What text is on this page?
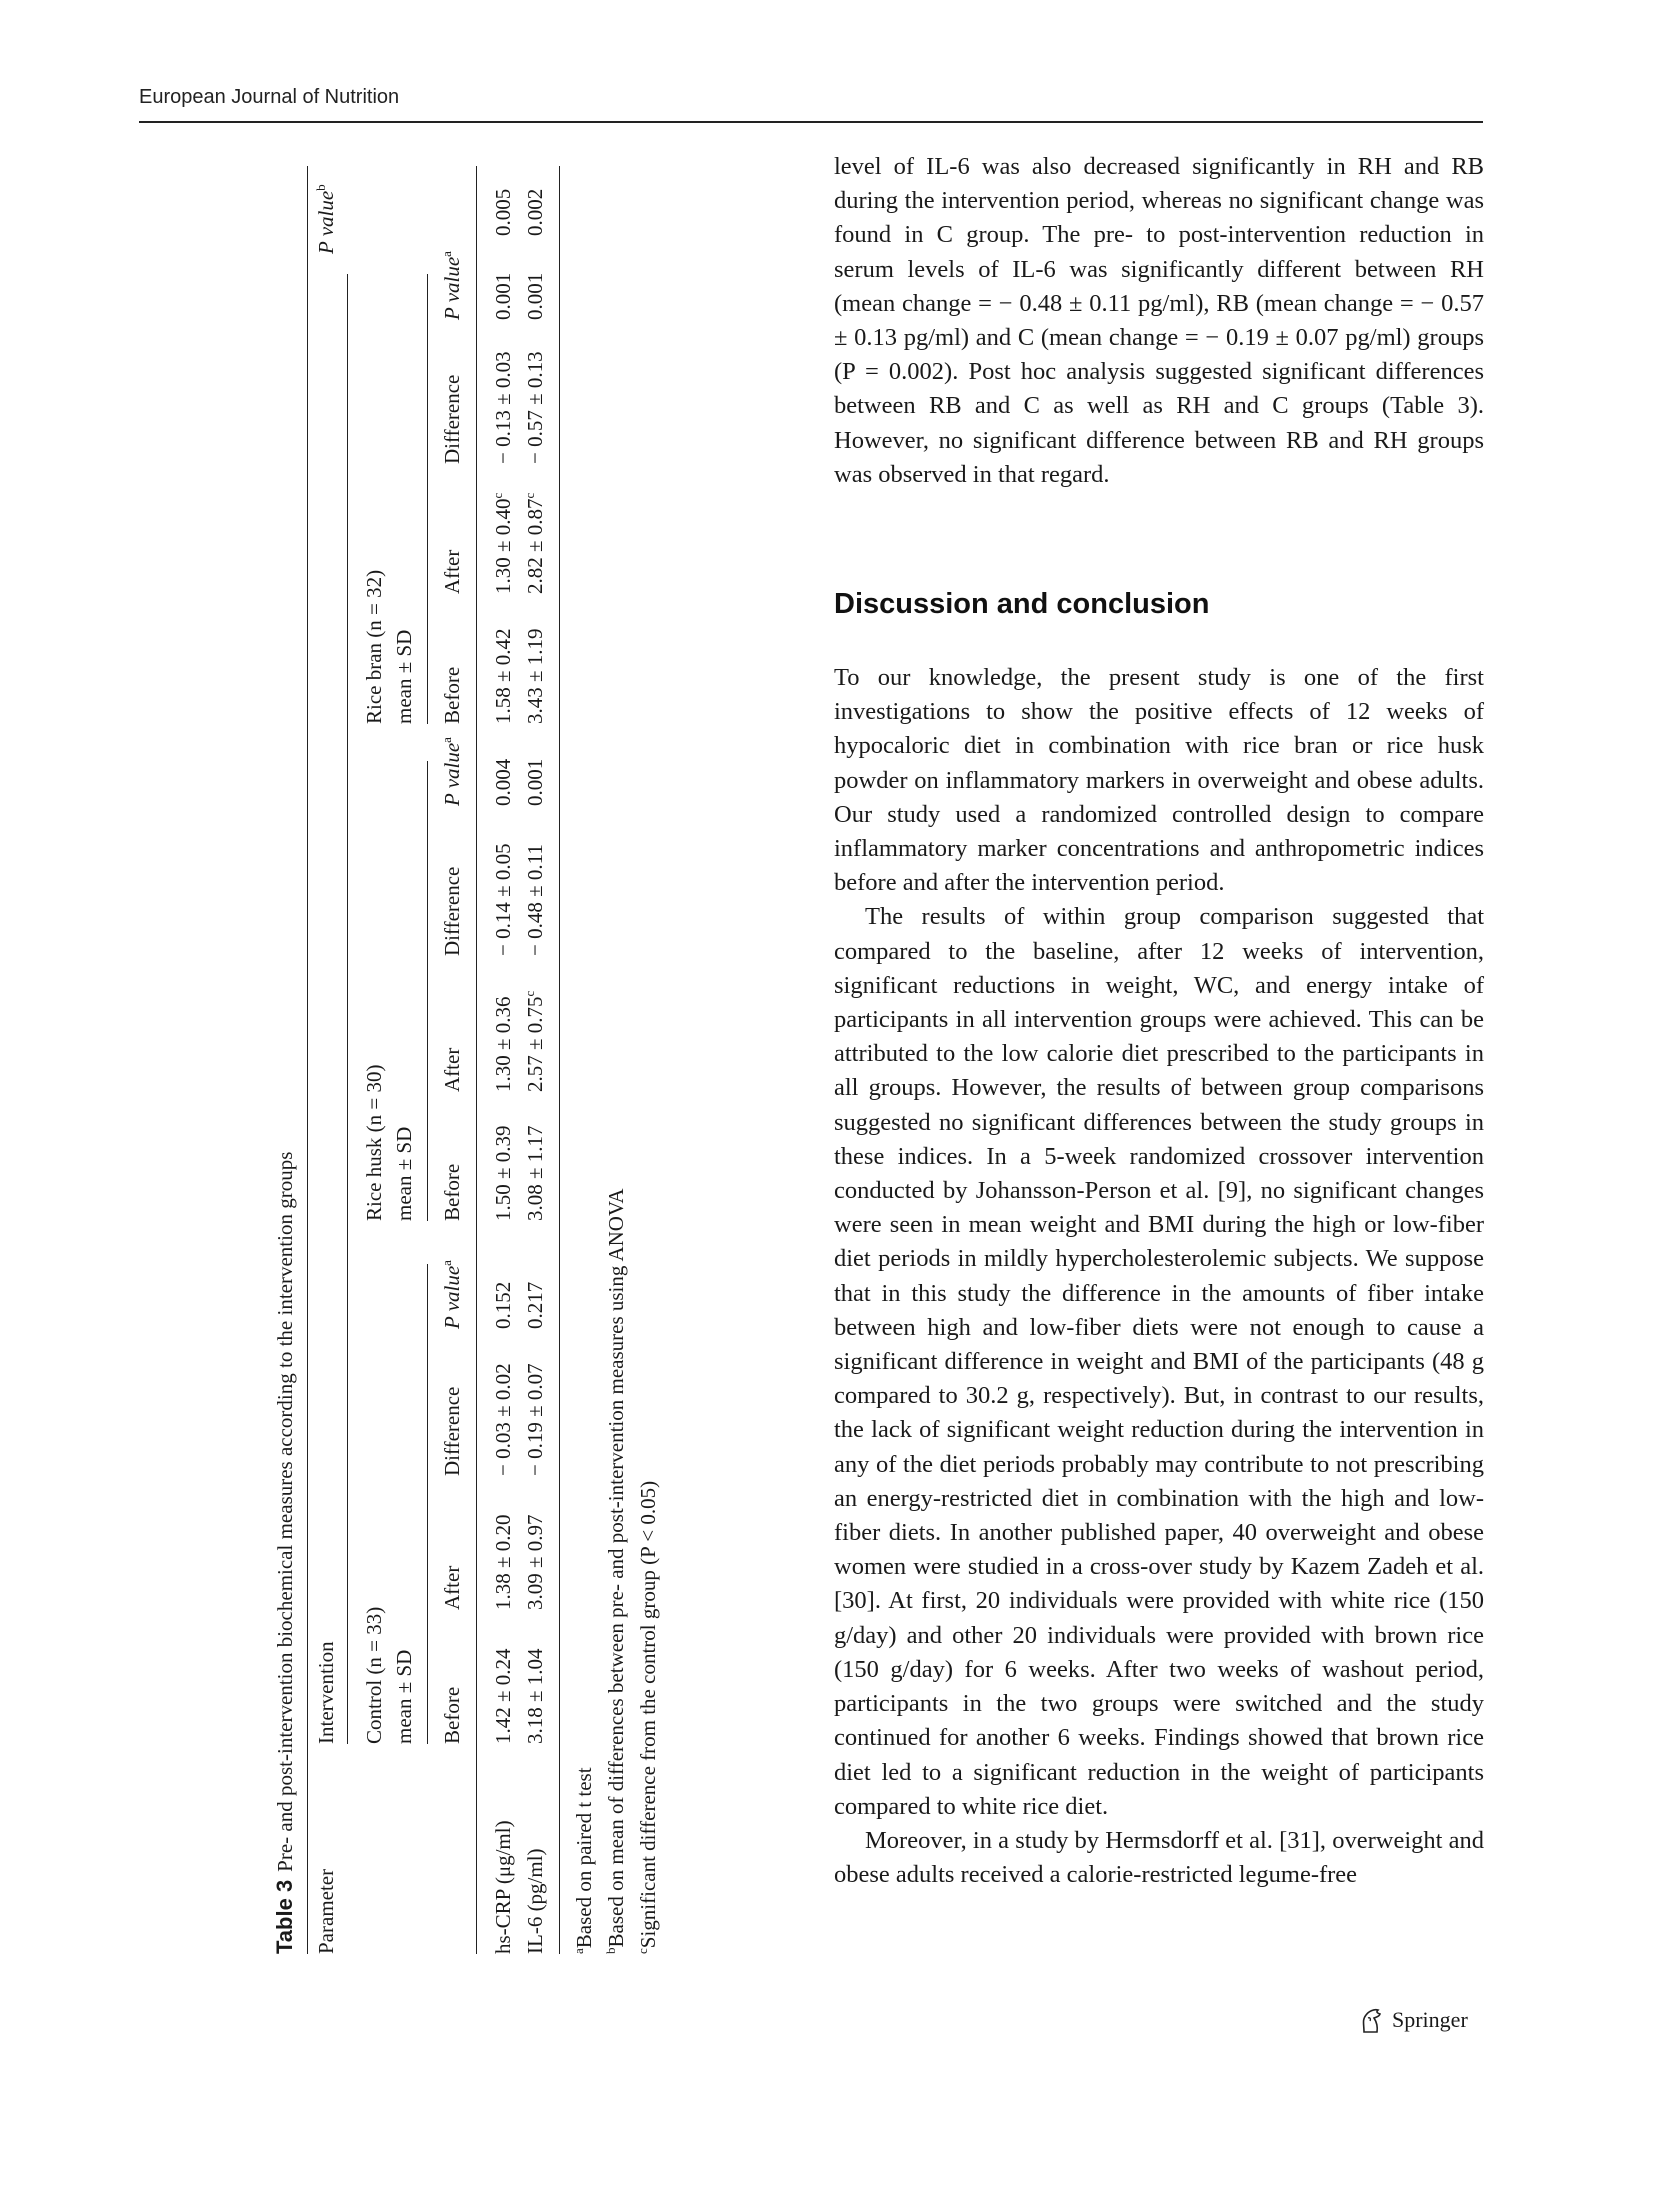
European Journal of Nutrition
Table 3Pre- and post-intervention biochemical measures according to the intervention groups
Parameter
Intervention
P value$^b$
Control (n = 33) mean ± SD
Rice husk (n = 30) mean ± SD
Rice bran (n = 32) mean ± SD
Before
After
Difference
P value$^a$
Before
After
Difference
P value$^a$
Before
After
Difference
P value$^a$
hs-CRP (μg/ml)
1.42 ± 0.24
1.38 ± 0.20
− 0.03 ± 0.02
0.152
1.50 ± 0.39
1.30 ± 0.36
− 0.14 ± 0.05
0.004
1.58 ± 0.42
1.30 ± 0.40$^c$
− 0.13 ± 0.03
0.001
0.005
IL-6 (pg/ml)
3.18 ± 1.04
3.09 ± 0.97
− 0.19 ± 0.07
0.217
3.08 ± 1.17
2.57 ± 0.75$^c$
− 0.48 ± 0.11
0.001
3.43 ± 1.19
2.82 ± 0.87$^c$
− 0.57 ± 0.13
0.001
0.002
$^a$Based on paired t test
$^b$Based on mean of differences between pre- and post-intervention measures using ANOVA
$^c$Significant difference from the control group (P < 0.05)

level of IL-6 was also decreased significantly in RH and RB during the intervention period, whereas no significant change was found in C group. The pre- to post-intervention reduction in serum levels of IL-6 was significantly different between RH (mean change = − 0.48 ± 0.11 pg/ml), RB (mean change = − 0.57 ± 0.13 pg/ml) and C (mean change = − 0.19 ± 0.07 pg/ml) groups (P = 0.002). Post hoc analysis suggested significant differences between RB and C as well as RH and C groups (Table 3). However, no significant difference between RB and RH groups was observed in that regard.

Discussion and conclusion

To our knowledge, the present study is one of the first investigations to show the positive effects of 12 weeks of hypocaloric diet in combination with rice bran or rice husk powder on inflammatory markers in overweight and obese adults. Our study used a randomized controlled design to compare inflammatory marker concentrations and anthropometric indices before and after the intervention period.

The results of within group comparison suggested that compared to the baseline, after 12 weeks of intervention, significant reductions in weight, WC, and energy intake of participants in all intervention groups were achieved. This can be attributed to the low calorie diet prescribed to the participants in all groups. However, the results of between group comparisons suggested no significant differences between the study groups in these indices. In a 5-week randomized crossover intervention conducted by Johansson-Person et al. [9], no significant changes were seen in mean weight and BMI during the high or low-fiber diet periods in mildly hypercholesterolemic subjects. We suppose that in this study the difference in the amounts of fiber intake between high and low-fiber diets were not enough to cause a significant difference in weight and BMI of the participants (48 g compared to 30.2 g, respectively). But, in contrast to our results, the lack of significant weight reduction during the intervention in any of the diet periods probably may contribute to not prescribing an energy-restricted diet in combination with the high and low-fiber diets. In another published paper, 40 overweight and obese women were studied in a cross-over study by Kazem Zadeh et al. [30]. At first, 20 individuals were provided with white rice (150 g/day) and other 20 individuals were provided with brown rice (150 g/day) for 6 weeks. After two weeks of washout period, participants in the two groups were switched and the study continued for another 6 weeks. Findings showed that brown rice diet led to a significant reduction in the weight of participants compared to white rice diet.

Moreover, in a study by Hermsdorff et al. [31], overweight and obese adults received a calorie-restricted legume-free

Springer
